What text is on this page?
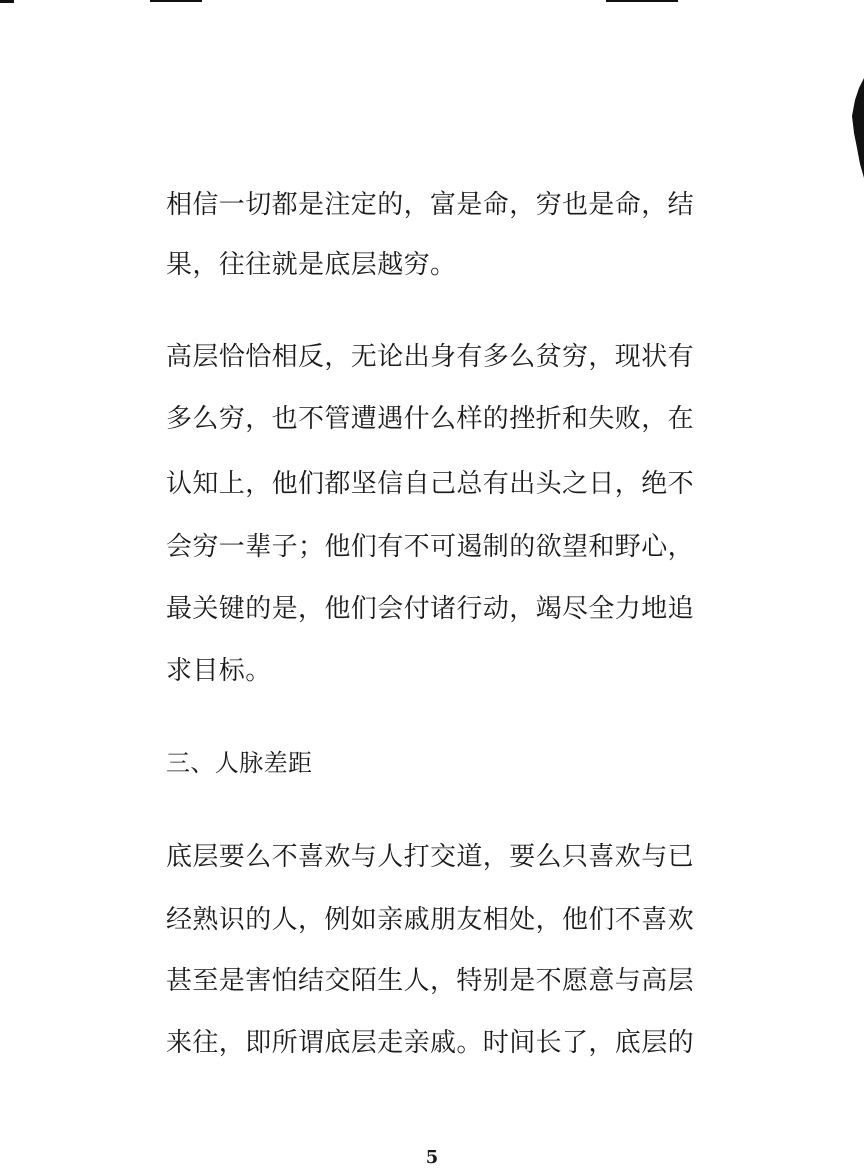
相信一切都是注定的，富是命，穷也是命，结
果，往往就是底层越穷。
高层恰恰相反，无论出身有多么贫穷，现状有
多么穷，也不管遭遇什么样的挫折和失败，在
认知上，他们都坚信自己总有出头之日，绝不
会穷一辈子；他们有不可遏制的欲望和野心，
最关键的是，他们会付诸行动，竭尽全力地追
求目标。
三、人脉差距
底层要么不喜欢与人打交道，要么只喜欢与已
经熟识的人，例如亲戚朋友相处，他们不喜欢
甚至是害怕结交陌生人，特别是不愿意与高层
来往，即所谓底层走亲戚。时间长了，底层的
5
